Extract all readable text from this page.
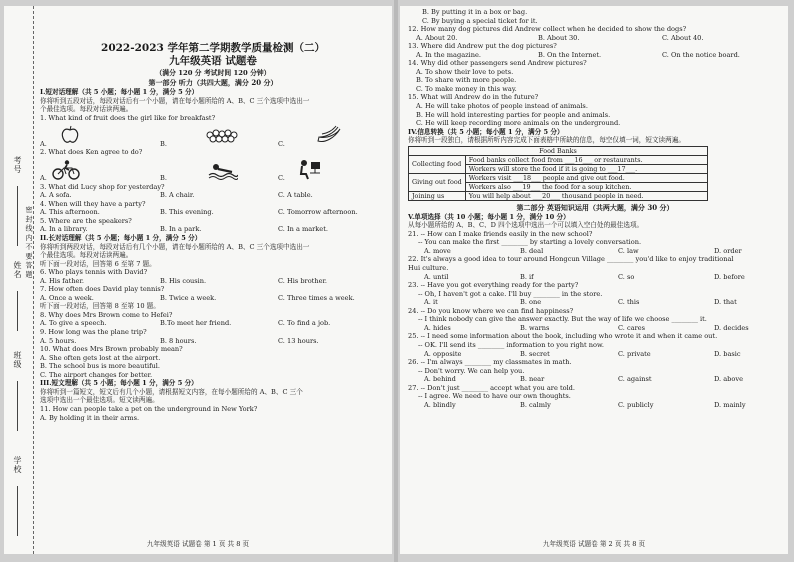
考号
姓名
班级
学校
密 封 线 内 不 要 答 题
2022-2023 学年第二学期教学质量检测（二）
九年级英语 试题卷
（满分 120 分 考试时间 120 分钟）
第一部分 听力（共四大题，满分 20 分）
I.短对话理解（共 5 小题；每小题 1 分，满分 5 分）
你将听到五段对话，每段对话后有一个小题，请在每小题所给的 A、B、C 三个选项中选出一
个最佳选项。每段对话读两遍。
1. What kind of fruit does the girl like for breakfast?
A.	B.	C.
2. What does Ken agree to do?
A.	B.	C.
3. What did Lucy shop for yesterday?
A. A sofa.	B. A chair.	C. A table.
4. When will they have a party?
A. This afternoon.	B. This evening.	C. Tomorrow afternoon.
5. Where are the speakers?
A. In a library.	B. In a park.	C. In a market.
II.长对话理解（共 5 小题；每小题 1 分，满分 5 分）
你将听到两段对话，每段对话后有几个小题，请在每小题所给的 A、B、C 三个选项中选出一
个最佳选项。每段对话读两遍。
听下面一段对话，回答第 6 至第 7 题。
6. Who plays tennis with David?
A. His father.	B. His cousin.	C. His brother.
7. How often does David play tennis?
A. Once a week.	B. Twice a week.	C. Three times a week.
听下面一段对话，回答第 8 至第 10 题。
8. Why does Mrs Brown come to Hefei?
A. To give a speech.	B.To meet her friend.	C. To find a job.
9. How long was the plane trip?
A. 5 hours.	B. 8 hours.	C. 13 hours.
10. What does Mrs Brown probably mean?
A. She often gets lost at the airport.
B. The school bus is more beautiful.
C. The airport changes for better.
III.短文理解（共 5 小题；每小题 1 分，满分 5 分）
你将听到一篇短文，短文后有几个小题，请根据短文内容，在每小题所给的 A、B、C 三个
选项中选出一个最佳选项。短文读两遍。
11. How can people take a pet on the underground in New York?
A. By holding it in their arms.
九年级英语 试题卷 第 1 页 共 8 页
B. By putting it in a box or bag.
C. By buying a special ticket for it.
12. How many dog pictures did Andrew collect when he decided to show the dogs?
A. About 20.	B. About 30.	C. About 40.
13. Where did Andrew put the dog pictures?
A. In the magazine.	B. On the Internet.	C. On the notice board.
14. Why did other passengers send Andrew pictures?
A. To show their love to pets.
B. To share with more people.
C. To make money in this way.
15. What will Andrew do in the future?
A. He will take photos of people instead of animals.
B. He will hold interesting parties for people and animals.
C. He will keep recording more animals on the underground.
IV.信息转换（共 5 小题；每小题 1 分，满分 5 分）
你将听到一段独白，请根据所听内容完成下面表格中所缺的信息，每空仅填一词，短文读两遍。
Food Banks	
Collecting food	Food banks collect food from ___16___ or restaurants.
	Workers will store the food if it is going to ___17___.
Giving out food	Workers visit ___18___ people and give out food.
	Workers also ___19___ the food for a soup kitchen.
Joining us	You will help about ___20___ thousand people in need.
第二部分 英语知识运用（共两大题，满分 30 分）
V.单项选择（共 10 小题；每小题 1 分，满分 10 分）
从每小题所给的 A、B、C、D 四个选项中选出一个可以填入空白处的最佳选项。
21. -- How can I make friends easily in the new school?
-- You can make the first ________ by starting a lovely conversation.
A. move	B. deal	C. law	D. order
22. It's always a good idea to tour around Hongcun Village ________ you'd like to enjoy traditional
Hui culture.
A. until	B. if	C. so	D. before
23. -- Have you got everything ready for the party?
-- Oh, I haven't got a cake. I'll buy ________ in the store.
A. it	B. one	C. this	D. that
24. -- Do you know where we can find happiness?
-- I think nobody can give the answer exactly. But the way of life we choose ________ it.
A. hides	B. warns	C. cares	D. decides
25. -- I need some information about the book, including who wrote it and when it came out.
-- OK. I'll send its ________ information to you right now.
A. opposite	B. secret	C. private	D. basic
26. -- I'm always ________ my classmates in math.
-- Don't worry. We can help you.
A. behind	B. near	C. against	D. above
27. -- Don't just ________ accept what you are told.
-- I agree. We need to have our own thoughts.
A. blindly	B. calmly	C. publicly	D. mainly
九年级英语 试题卷 第 2 页 共 8 页
